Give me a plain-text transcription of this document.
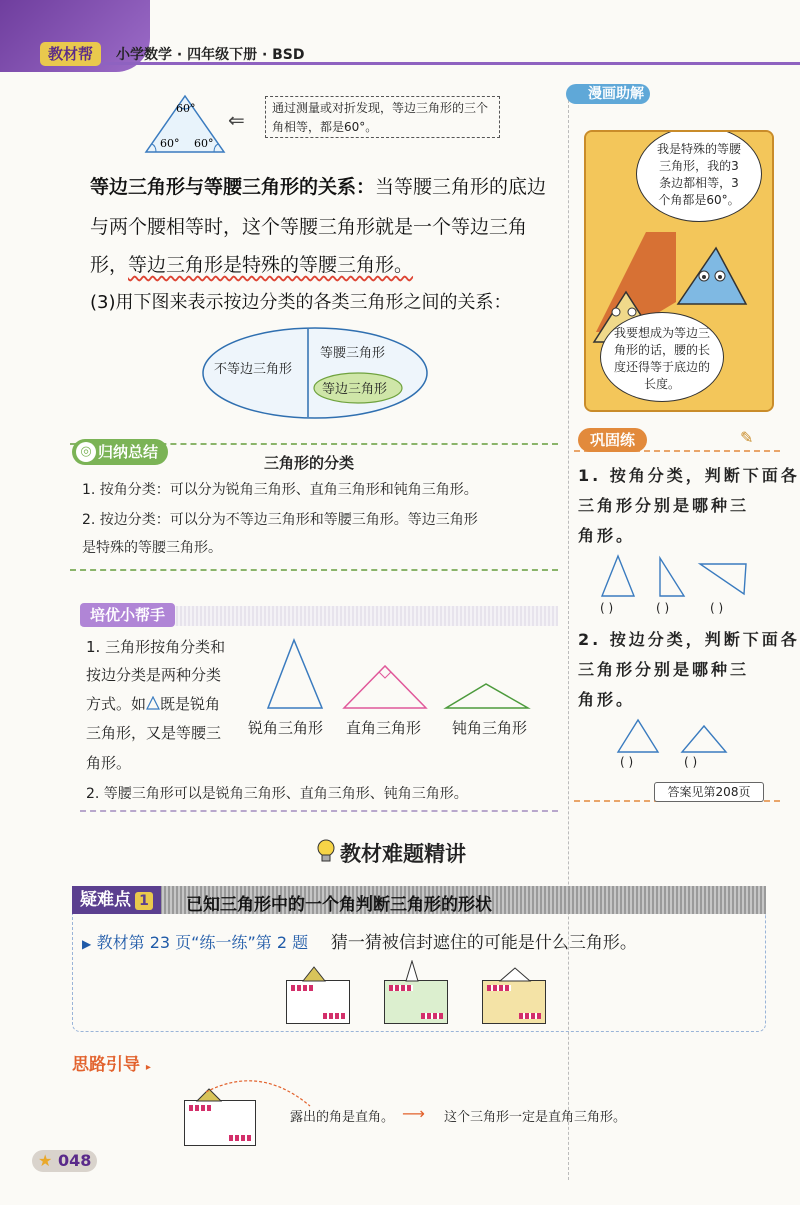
教材帮	小学数学 · 四年级下册 · BSD
60°
60° 60°
⇐	通过测量或对折发现，等边三角形的三个角相等，都是60°。
等边三角形与等腰三角形的关系：当等腰三角形的底边
与两个腰相等时，这个等腰三角形就是一个等边三角
形，等边三角形是特殊的等腰三角形。
(3)用下图来表示按边分类的各类三角形之间的关系：
不等边三角形
等腰三角形
等边三角形
◎ 归纳总结
三角形的分类
1. 按角分类：可以分为锐角三角形、直角三角形和钝角三角形。
2. 按边分类：可以分为不等边三角形和等腰三角形。等边三角形
是特殊的等腰三角形。
培优小帮手
1. 三角形按角分类和
按边分类是两种分类
方式。如 既是锐角
三角形，又是等腰三
角形。
锐角三角形 直角三角形 钝角三角形
2. 等腰三角形可以是锐角三角形、直角三角形、钝角三角形。
漫画助解
我是特殊的等腰三角形，我的3条边都相等，3个角都是60°。
我要想成为等边三角形的话，腰的长度还得等于底边的长度。
巩固练	✎
1. 按角分类，判断下面各
三角形分别是哪种三
角形。
( )	( )	( )
2. 按边分类，判断下面各
三角形分别是哪种三
角形。
( )	( )
答案见第208页
教材难题精讲
疑难点 1	已知三角形中的一个角判断三角形的形状
▶ 教材第 23 页“练一练”第 2 题 猜一猜被信封遮住的可能是什么三角形。
思路引导 ▸
露出的角是直角。 ⟶ 这个三角形一定是直角三角形。
★ 048
